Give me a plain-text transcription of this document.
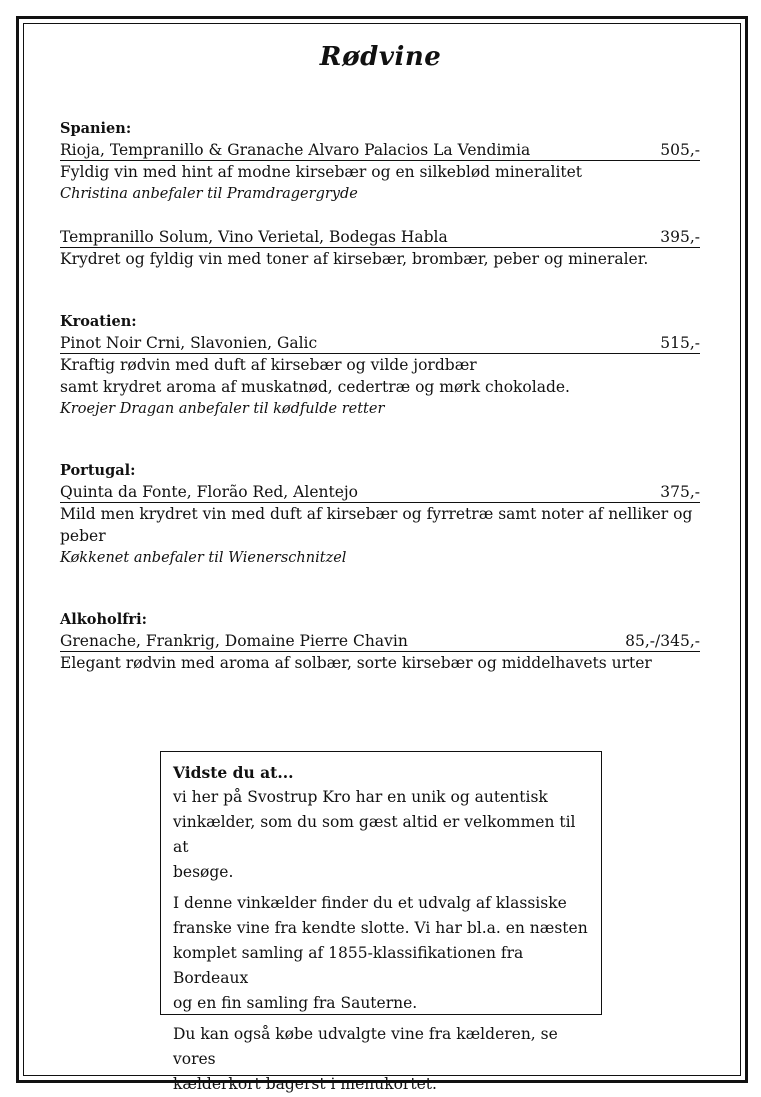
Rødvine
Spanien:
Rioja, Tempranillo & Granache Alvaro Palacios La Vendimia	505,-
Fyldig vin med hint af modne kirsebær og en silkeblød mineralitet
Christina anbefaler til Pramdragergryde
Tempranillo Solum, Vino Verietal, Bodegas Habla	395,-
Krydret og fyldig vin med toner af kirsebær, brombær, peber og mineraler.
Kroatien:
Pinot Noir Crni, Slavonien, Galic	515,-
Kraftig rødvin med duft af kirsebær og vilde jordbær
samt krydret aroma af muskatnød, cedertræ og mørk chokolade.
Kroejer Dragan anbefaler til kødfulde retter
Portugal:
Quinta da Fonte, Florão Red, Alentejo	375,-
Mild men krydret vin med duft af kirsebær og fyrretræ samt noter af nelliker og
peber
Køkkenet anbefaler til Wienerschnitzel
Alkoholfri:
Grenache, Frankrig, Domaine Pierre Chavin	85,-/345,-
Elegant rødvin med aroma af solbær, sorte kirsebær og middelhavets urter

Vidste du at...

vi her på Svostrup Kro har en unik og autentisk

vinkælder, som du som gæst altid er velkommen til at

besøge.

I denne vinkælder finder du et udvalg af klassiske

franske vine fra kendte slotte. Vi har bl.a. en næsten

komplet samling af 1855-klassifikationen fra Bordeaux

og en fin samling fra Sauterne.

Du kan også købe udvalgte vine fra kælderen, se vores

kælderkort bagerst i menukortet.
